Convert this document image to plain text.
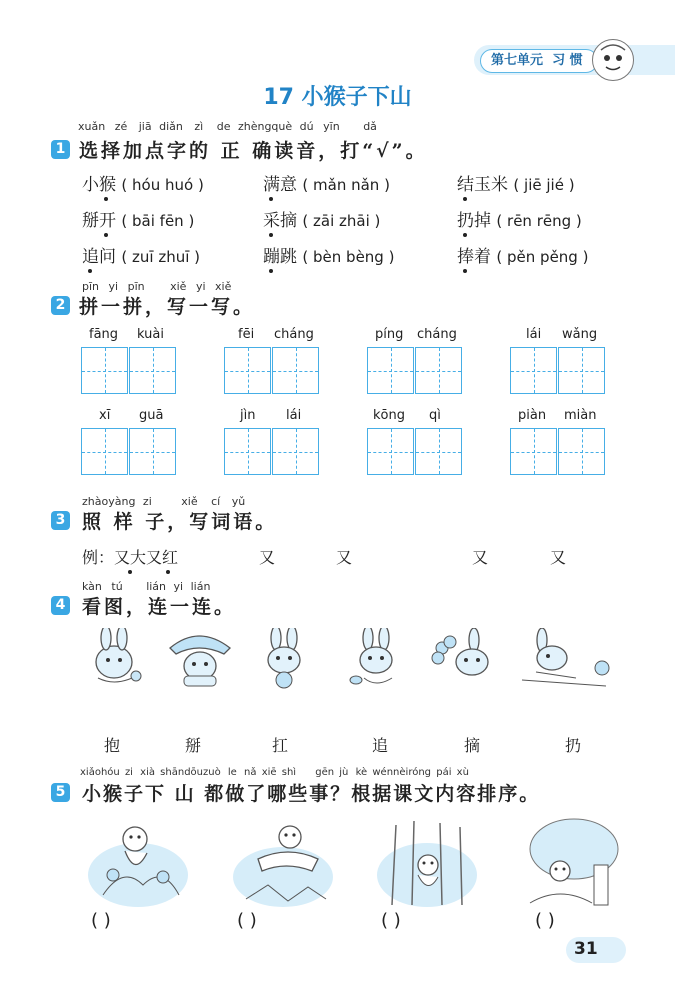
第七单元 习 惯
17 小猴子下山
xuǎn zé jiā diǎn zì de zhèngquè dú yīn dǎ
1 选择加点字的 正 确读音，打“√”。
小猴 ( hóu huó )	满意 ( mǎn nǎn )	结玉米 ( jiē jié )
掰开 ( bāi fēn )	采摘 ( zāi zhāi )	扔掉 ( rēn rēng )
追问 ( zuī zhuī )	蹦跳 ( bèn bèng )	捧着 ( pěn pěng )
pīn yi pīn xiě yi xiě
2 拼一拼，写一写。
fāng kuài	fēi cháng	píng cháng	lái wǎng
xī guā	jìn lái	kōng qì	piàn miàn
zhàoyàng zi	xiě cí yǔ
3 照 样 子，写词语。
例：又大又红	又	又	又	又
kàn tú lián yi lián
4 看图，连一连。
抱	掰	扛	追	摘	扔
xiǎohóu zi xià shāndōuzuò le nǎ xiē shì gēn jù kè wénnèiróng pái xù
5 小猴子下 山 都做了哪些事？根据课文内容排序。
( )	( )	( )	( )
31
